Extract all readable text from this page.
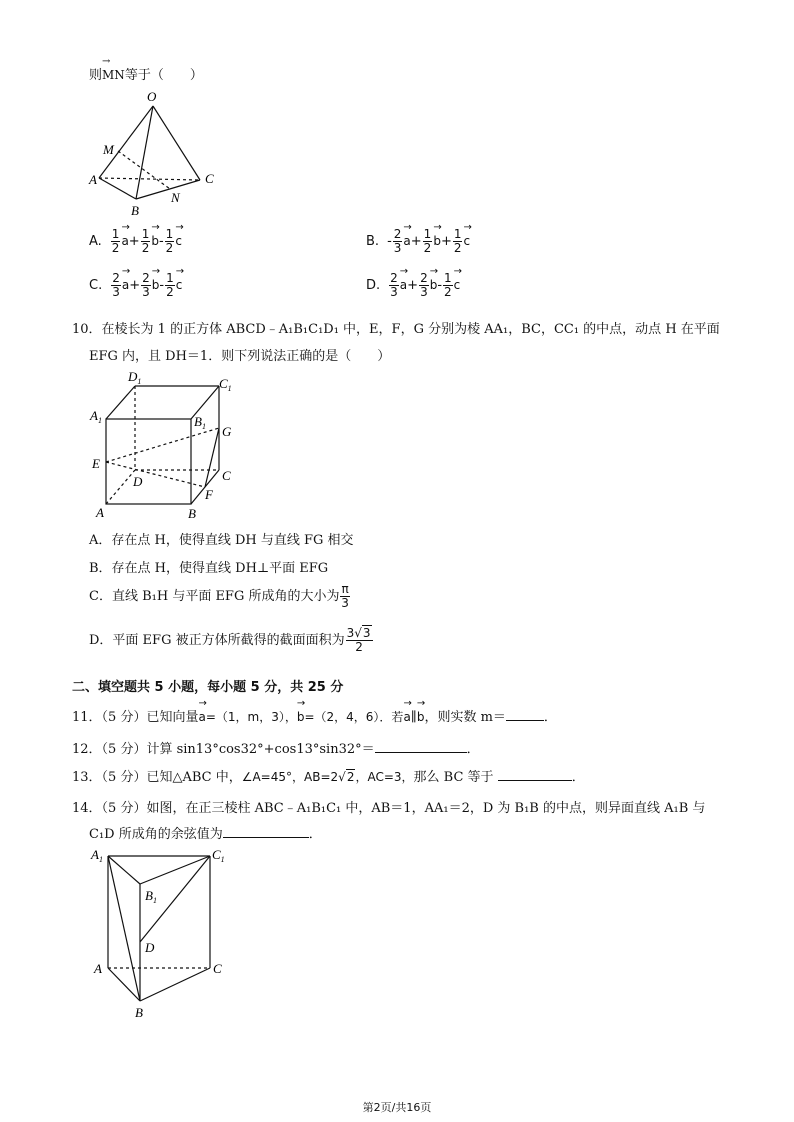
则→ MN等于（　　）
O
M
A
B
N
C
A. $\frac{1}{2}$
→ $a+ \frac{1}{2}$
→ $b- \frac{1}{2}$
→ c	B. - $\frac{2}{3}$
→ $a+ \frac{1}{2}$
→ $b+ \frac{1}{2}$
→ c
C. $\frac{2}{3}$
→ $a+ \frac{2}{3}$
→ $b- \frac{1}{2}$
→ c	D. $\frac{2}{3}$
→ $a+ \frac{2}{3}$
→ $b- \frac{1}{2}$
→ c
10．在棱长为 1 的正方体 ABCD﹣A₁B₁C₁D₁ 中，E，F，G 分别为棱 AA₁，BC，CC₁ 的中点，动点 H 在平面
EFG 内，且 DH＝1．则下列说法正确的是（　　）
$D_1$	$C_1$
$A_1$	$B_1$ G
E
D	C
F
A	B
A．存在点 H，使得直线 DH 与直线 FG 相交
B．存在点 H，使得直线 DH⊥平面 EFG
C．直线 B₁H 与平面 EFG 所成角的大小为 $\frac{\pi}{3}$
D．平面 EFG 被正方体所截得的截面面积为 $\frac{3√3}{2}$
二、填空题共 5 小题，每小题 5 分，共 25 分
11．（5 分）已知向量→ a=（1，m，3），→ b=（2，4，6）．若→ a∥→ b，则实数 m＝	．
12．（5 分）计算 sin13°cos32°+cos13°sin32°＝	．
13．（5 分）已知△ABC 中，∠A=45°，AB=2√2，AC=3，那么 BC 等于	．
14．（5 分）如图，在正三棱柱 ABC﹣A₁B₁C₁ 中，AB＝1，AA₁＝2，D 为 B₁B 的中点，则异面直线 A₁B 与
C₁D 所成角的余弦值为	．
$A_1$	$C_1$
$B_1$
D
A	C
B
第2页/共16页
